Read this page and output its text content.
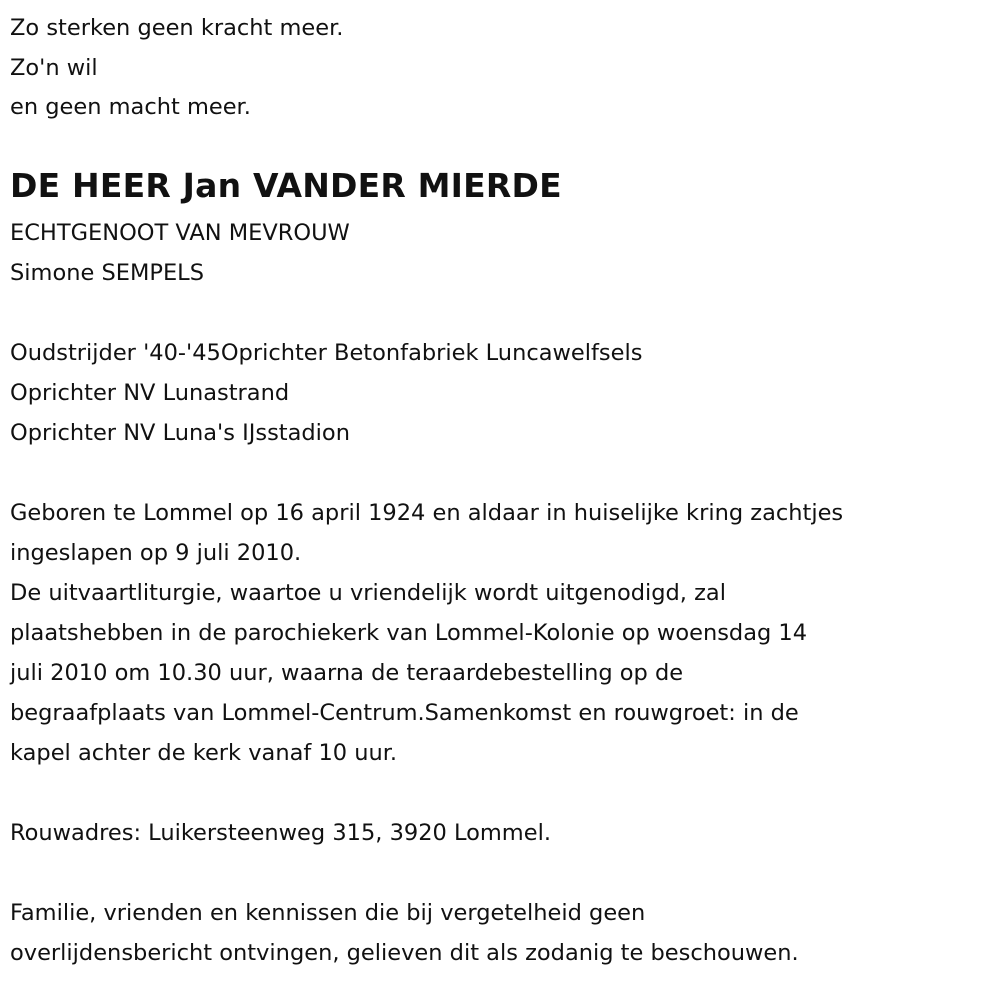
Zo sterken geen kracht meer.
Zo'n wil
en geen macht meer.
DE HEER Jan VANDER MIERDE
ECHTGENOOT VAN MEVROUW
Simone SEMPELS
Oudstrijder '40-'45Oprichter Betonfabriek Luncawelfsels
Oprichter NV Lunastrand
Oprichter NV Luna's IJsstadion
Geboren te Lommel op 16 april 1924 en aldaar in huiselijke kring zachtjes
ingeslapen op 9 juli 2010.
De uitvaartliturgie, waartoe u vriendelijk wordt uitgenodigd, zal
plaatshebben in de parochiekerk van Lommel-Kolonie op woensdag 14
juli 2010 om 10.30 uur, waarna de teraardebestelling op de
begraafplaats van Lommel-Centrum.Samenkomst en rouwgroet: in de
kapel achter de kerk vanaf 10 uur.
Rouwadres: Luikersteenweg 315, 3920 Lommel.
Familie, vrienden en kennissen die bij vergetelheid geen
overlijdensbericht ontvingen, gelieven dit als zodanig te beschouwen.
